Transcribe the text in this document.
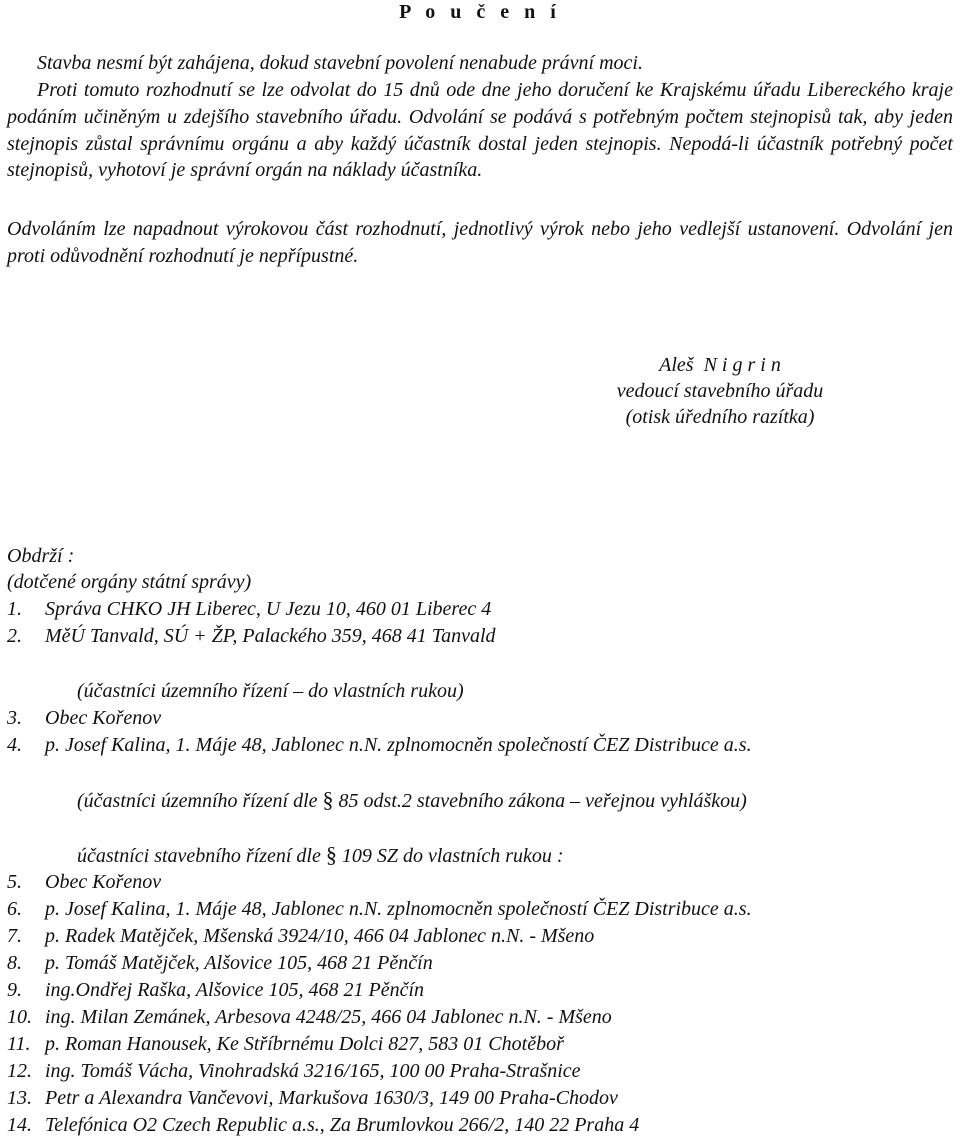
P o u č e n í
Stavba nesmí být zahájena, dokud stavební povolení nenabude právní moci.
Proti tomuto rozhodnutí se lze odvolat do 15 dnů ode dne jeho doručení ke Krajskému úřadu Libereckého kraje podáním učiněným u zdejšího stavebního úřadu. Odvolání se podává s potřebným počtem stejnopisů tak, aby jeden stejnopis zůstal správnímu orgánu a aby každý účastník dostal jeden stejnopis. Nepodá-li účastník potřebný počet stejnopisů, vyhotoví je správní orgán na náklady účastníka.
Odvoláním lze napadnout výrokovou část rozhodnutí, jednotlivý výrok nebo jeho vedlejší ustanovení. Odvolání jen proti odůvodnění rozhodnutí je nepřípustné.
Aleš N i g r i n
vedoucí stavebního úřadu
(otisk úředního razítka)
Obdrží :
(dotčené orgány státní správy)
1. Správa CHKO JH Liberec, U Jezu 10, 460 01 Liberec 4
2. MěÚ Tanvald, SÚ + ŽP, Palackého 359, 468 41 Tanvald
(účastníci územního řízení – do vlastních rukou)
3. Obec Kořenov
4. p. Josef Kalina, 1. Máje 48, Jablonec n.N. zplnomocněn společností ČEZ Distribuce a.s.
(účastníci územního řízení dle § 85 odst.2 stavebního zákona – veřejnou vyhláškou)
účastníci stavebního řízení dle § 109 SZ do vlastních rukou :
5. Obec Kořenov
6. p. Josef Kalina, 1. Máje 48, Jablonec n.N. zplnomocněn společností ČEZ Distribuce a.s.
7. p. Radek Matějček, Mšenská 3924/10, 466 04 Jablonec n.N. - Mšeno
8. p. Tomáš Matějček, Alšovice 105, 468 21 Pěnčín
9. ing.Ondřej Raška, Alšovice 105, 468 21 Pěnčín
10. ing. Milan Zemánek, Arbesova 4248/25, 466 04 Jablonec n.N. - Mšeno
11. p. Roman Hanousek, Ke Stříbrnému Dolci 827, 583 01 Chotěboř
12. ing. Tomáš Vácha, Vinohradská 3216/165, 100 00 Praha-Strašnice
13. Petr a Alexandra Vančevovi, Markušova 1630/3, 149 00 Praha-Chodov
14. Telefónica O2 Czech Republic a.s., Za Brumlovkou 266/2, 140 22 Praha 4
